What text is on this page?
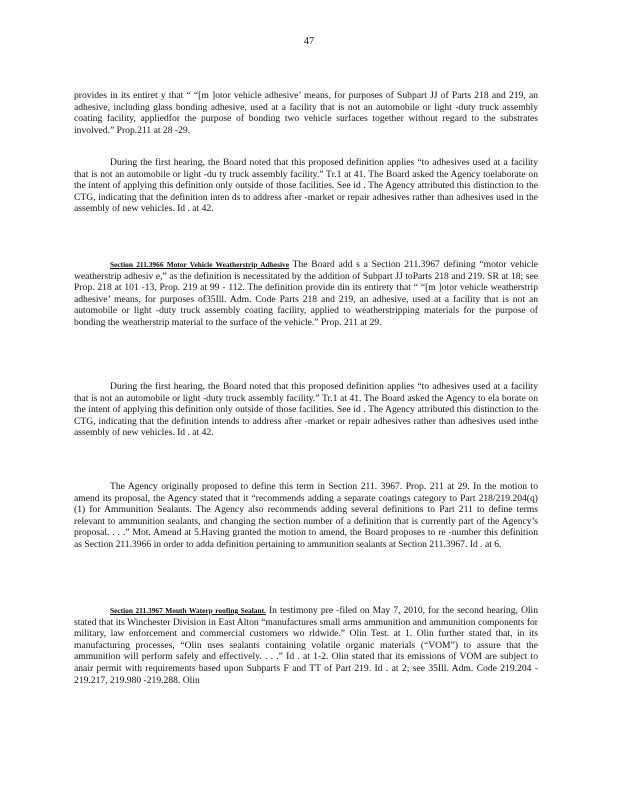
47

provides in its entiret y that “ “[m ]otor vehicle adhesive’ means, for purposes of Subpart JJ of Parts 218 and 219, an adhesive, including glass bonding adhesive, used at a facility that is not an automobile or light -duty truck assembly coating facility, appliedfor the purpose of bonding two vehicle surfaces together without regard to the substrates involved.” Prop.211 at 28 -29.

During the first hearing, the Board noted that this proposed definition applies “to adhesives used at a facility that is not an automobile or light -du ty truck assembly facility.” Tr.1 at 41. The Board asked the Agency toelaborate on the intent of applying this definition only outside of those facilities. See id . The Agency attributed this distinction to the CTG, indicating that the definition inten ds to address after -market or repair adhesives rather than adhesives used in the assembly of new vehicles. Id . at 42.

Section 211.3966 Motor Vehicle Weatherstrip Adhesive The Board add s a Section 211.3967 defining “motor vehicle weatherstrip adhesiv e,” as the definition is necessitated by the addition of Subpart JJ toParts 218 and 219. SR at 18; see Prop. 218 at 101 -13, Prop. 219 at 99 - 112. The definition provide din its entirety that “ “[m ]otor vehicle weatherstrip adhesive’ means, for purposes of35Ill. Adm. Code Parts 218 and 219, an adhesive, used at a facility that is not an automobile or light -duty truck assembly coating facility, applied to weatherstripping materials for the purpose of bonding the weatherstrip material to the surface of the vehicle.” Prop. 211 at 29.

During the first hearing, the Board noted that this proposed definition applies “to adhesives used at a facility that is not an automobile or light -duty truck assembly facility.” Tr.1 at 41. The Board asked the Agency to ela borate on the intent of applying this definition only outside of those facilities. See id . The Agency attributed this distinction to the CTG, indicating that the definition intends to address after -market or repair adhesives rather than adhesives used inthe assembly of new vehicles. Id . at 42.

The Agency originally proposed to define this term in Section 211. 3967. Prop. 211 at 29. In the motion to amend its proposal, the Agency stated that it “recommends adding a separate coatings category to Part 218/219.204(q)(1) for Ammunition Sealants. The Agency also recommends adding several definitions to Part 211 to define terms relevant to ammunition sealants, and changing the section number of a definition that is currently part of the Agency’s proposal. . . .” Mot. Amend at 5.Having granted the motion to amend, the Board proposes to re -number this definition as Section 211.3966 in order to adda definition pertaining to ammunition sealants at Section 211.3967. Id . at 6.

Section 211.3967 Mouth Waterp roofing Sealant. In testimony pre -filed on May 7, 2010, for the second hearing, Olin stated that its Winchester Division in East Alton “manufactures small arms ammunition and ammunition components for military, law enforcement and commercial customers wo rldwide.” Olin Test. at 1. Olin further stated that, in its manufacturing processes, “Olin uses sealants containing volatile organic materials (“VOM”) to assure that the ammunition will perform safely and effectively. . . .” Id . at 1-2. Olin stated that its emissions of VOM are subject to anair permit with requirements based upon Subparts F and TT of Part 219. Id . at 2; see 35Ill. Adm. Code 219.204 - 219.217, 219.980 -219.288. Olin
